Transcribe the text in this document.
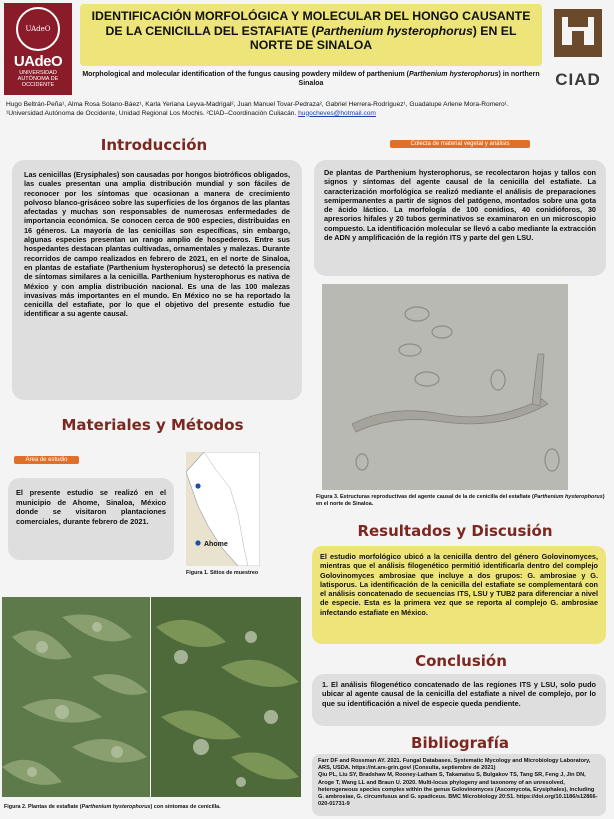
UAdeO
UAdeO
UNIVERSIDAD AUTÓNOMA DE OCCIDENTE
IDENTIFICACIÓN MORFOLÓGICA Y MOLECULAR DEL HONGO CAUSANTE DE LA CENICILLA DEL ESTAFIATE (Parthenium hysterophorus) EN EL NORTE DE SINALOA
Morphological and molecular identification of the fungus causing powdery mildew of parthenium (Parthenium hysterophorus) in northern Sinaloa	CIAD
Hugo Beltrán-Peña¹, Alma Rosa Solano-Báez¹, Karla Yeriana Leyva-Madrigal², Juan Manuel Tovar-Pedraza², Gabriel Herrera-Rodríguez¹, Guadalupe Arlene Mora-Romero¹.
¹Universidad Autónoma de Occidente, Unidad Regional Los Mochis. ²CIAD–Coordinación Culiacán. hugocheves@hotmail.com
Introducción
Las cenicillas (Erysiphales) son causadas por hongos biotróficos obligados, las cuales presentan una amplia distribución mundial y son fáciles de reconocer por los síntomas que ocasionan a manera de crecimiento polvoso blanco-grisáceo sobre las superficies de los órganos de las plantas afectadas y muchas son responsables de numerosas enfermedades de importancia económica. Se conocen cerca de 900 especies, distribuidas en 16 géneros. La mayoría de las cenicillas son específicas, sin embargo, algunas especies presentan un rango amplio de hospederos. Entre sus hospedantes destacan plantas cultivadas, ornamentales y malezas. Durante recorridos de campo realizados en febrero de 2021, en el norte de Sinaloa, en plantas de estafiate (Parthenium hysterophorus) se detectó la presencia de síntomas similares a la cenicilla. Parthenium hysterophorus es nativa de México y con amplia distribución nacional. Es una de las 100 malezas invasivas más importantes en el mundo. En México no se ha reportado la cenicilla del estafiate, por lo que el objetivo del presente estudio fue identificar a su agente causal.
Materiales y Métodos
Área de estudio
El presente estudio se realizó en el municipio de Ahome, Sinaloa, México donde se visitaron plantaciones comerciales, durante febrero de 2021.
Ahome
Figura 1. Sitios de muestreo
Figura 2. Plantas de estafiate (Parthenium hysterophorus) con síntomas de cenicilla.
Colecta de material vegetal y análisis
De plantas de Parthenium hysterophorus, se recolectaron hojas y tallos con signos y síntomas del agente causal de la cenicilla del estafiate. La caracterización morfológica se realizó mediante el análisis de preparaciones semipermanentes a partir de signos del patógeno, montados sobre una gota de ácido láctico. La morfología de 100 conidios, 40 conidióforos, 30 apresorios hifales y 20 tubos germinativos se examinaron en un microscopio compuesto. La identificación molecular se llevó a cabo mediante la extracción de ADN y amplificación de la región ITS y parte del gen LSU.
Figura 3. Estructuras reproductivas del agente causal de la de cenicilla del estafiate (Parthenium hysterophorus) en el norte de Sinaloa.
Resultados y Discusión
El estudio morfológico ubicó a la cenicilla dentro del género Golovinomyces, mientras que el análisis filogenético permitió identificarla dentro del complejo Golovinomyces ambrosiae que incluye a dos grupos: G. ambrosiae y G. latisporus. La identificación de la cenicilla del estafiate se complementará con el análisis concatenado de secuencias ITS, LSU y TUB2 para diferenciar a nivel de especie. Esta es la primera vez que se reporta al complejo G. ambrosiae infectando estafiate en México.
Conclusión
1. El análisis filogenético concatenado de las regiones ITS y LSU, solo pudo ubicar al agente causal de la cenicilla del estafiate a nivel de complejo, por lo que su identificación a nivel de especie queda pendiente.
Bibliografía
Farr DF and Rossman AY. 2021. Fungal Databases. Systematic Mycology and Microbiology Laboratory, ARS, USDA. https://nt.ars-grin.gov/ (Consulta, septiembre de 2021)
Qiu PL, Liu SY, Bradshaw M, Rooney-Latham S, Takamatsu S, Bulgakov TS, Tang SR, Feng J, Jin DN, Aroge T, Wang LL and Braun U. 2020. Multi-locus phylogeny and taxonomy of an unresolved, heterogeneous species complex within the genus Golovinomyces (Ascomycota, Erysiphales), including G. ambrosiae, G. circumfusus and G. spadiceus. BMC Microbiology 20:51. https://doi.org/10.1186/s12866-020-01731-9
